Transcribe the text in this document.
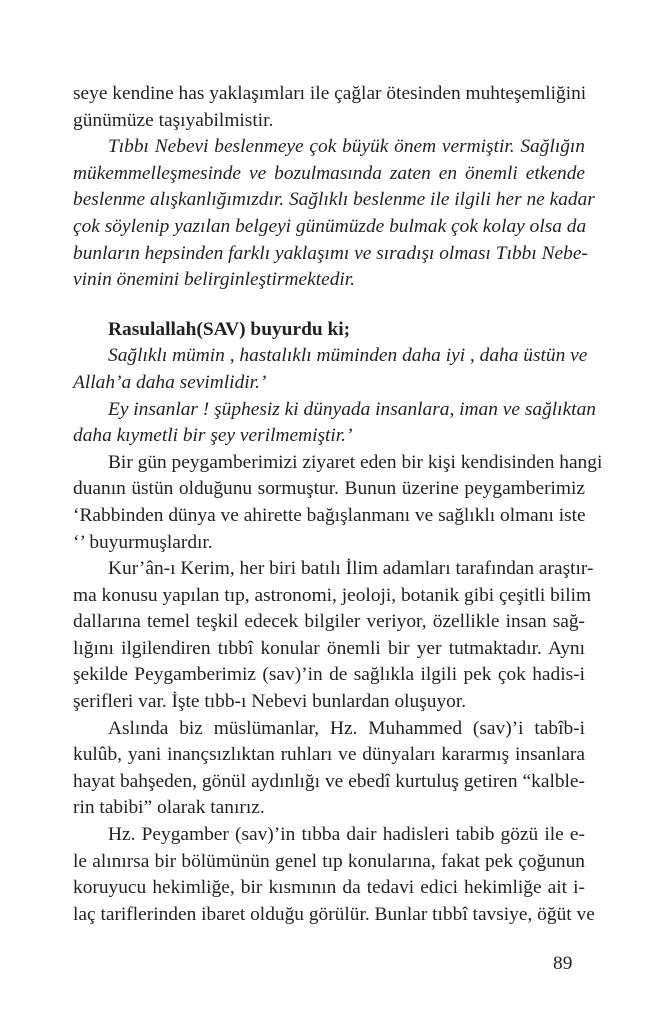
seye kendine has yaklaşımları ile çağlar ötesinden muhteşemliğini
günümüze taşıyabilmistir.

Tıbbı Nebevi beslenmeye çok büyük önem vermiştir. Sağlığın
mükemmelleşmesinde ve bozulmasında zaten en önemli etkende
beslenme alışkanlığımızdır. Sağlıklı beslenme ile ilgili her ne kadar
çok söylenip yazılan belgeyi günümüzde bulmak çok kolay olsa da
bunların hepsinden farklı yaklaşımı ve sıradışı olması Tıbbı Nebe-
vinin önemini belirginleştirmektedir.

Rasulallah(SAV) buyurdu ki;

Sağlıklı mümin , hastalıklı müminden daha iyi , daha üstün ve
Allah’a daha sevimlidir.’

Ey insanlar ! şüphesiz ki dünyada insanlara, iman ve sağlıktan
daha kıymetli bir şey verilmemiştir.’

Bir gün peygamberimizi ziyaret eden bir kişi kendisinden hangi
duanın üstün olduğunu sormuştur. Bunun üzerine peygamberimiz
‘Rabbinden dünya ve ahirette bağışlanmanı ve sağlıklı olmanı iste
‘’ buyurmuşlardır.

Kur’ân-ı Kerim, her biri batılı İlim adamları tarafından araştır-
ma konusu yapılan tıp, astronomi, jeoloji, botanik gibi çeşitli bilim
dallarına temel teşkil edecek bilgiler veriyor, özellikle insan sağ-
lığını ilgilendiren tıbbî konular önemli bir yer tutmaktadır. Aynı
şekilde Peygamberimiz (sav)’in de sağlıkla ilgili pek çok hadis-i
şerifleri var. İşte tıbb-ı Nebevi bunlardan oluşuyor.

Aslında biz müslümanlar, Hz. Muhammed (sav)’i tabîb-i
kulûb, yani inançsızlıktan ruhları ve dünyaları kararmış insanlara
hayat bahşeden, gönül aydınlığı ve ebedî kurtuluş getiren “kalble-
rin tabibi” olarak tanırız.

Hz. Peygamber (sav)’in tıbba dair hadisleri tabib gözü ile e-
le alınırsa bir bölümünün genel tıp konularına, fakat pek çoğunun
koruyucu hekimliğe, bir kısmının da tedavi edici hekimliğe ait i-
laç tariflerinden ibaret olduğu görülür. Bunlar tıbbî tavsiye, öğüt ve

89
